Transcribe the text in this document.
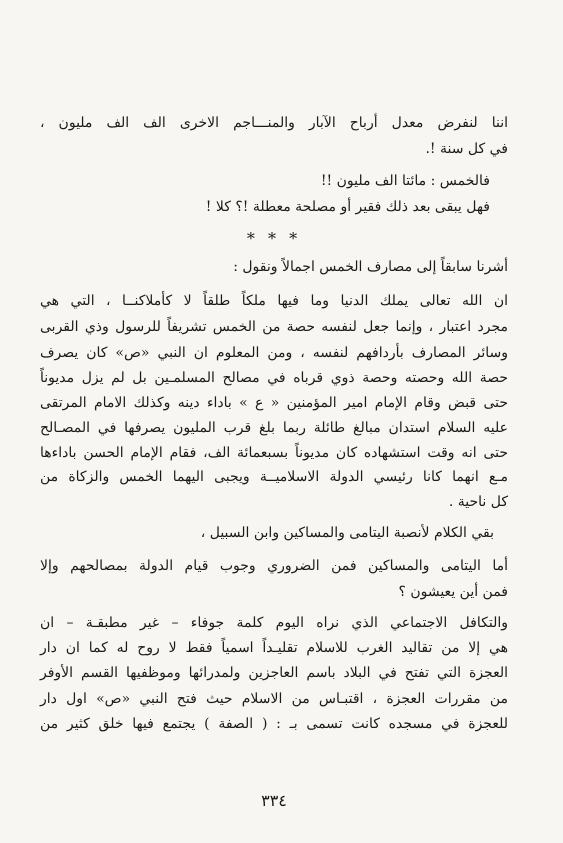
اننا لنفرض معدل أرباح الآبار والمنـــاجم الاخرى الف الف مليون ،
في كل سنة !.
فالخمس : مائتا الف مليون !!
فهل يبقى بعد ذلك فقير أو مصلحة معطلة !؟ كلا !
* * *
أشرنا سابقاً إلى مصارف الخمس اجمالاً ونقول :
ان الله تعالى يملك الدنيا وما فيها ملكاً طلقاً لا كأملاكنــا ، التي هي
مجرد اعتبار ، وإنما جعل لنفسه حصة من الخمس تشريفاً للرسول وذي القربى
وسائر المصارف بأردافهم لنفسه ، ومن المعلوم ان النبي «ص» كان يصرف
حصة الله وحصته وحصة ذوي قرباه في مصالح المسلمـين بل لم يزل مديوناً
حتى قبض وقام الإمام امير المؤمنين « ع » باداء دينه وكذلك الامام المرتقى
عليه السلام استدان مبالغ طائلة ربما بلغ قرب المليون يصرفها في المصـالح
حتى انه وقت استشهاده كان مديوناً بسبعمائة الف، فقام الإمام الحسن باداءها
مـع انهما كانا رئيسي الدولة الاسلاميــة ويجبى اليهما الخمس والزكاة من
كل ناحية .
بقي الكلام لأنصبة اليتامى والمساكين وابن السبيل ،
أما اليتامى والمساكين فمن الضروري وجوب قيام الدولة بمصالحهم وإلا
فمن أين يعيشون ؟
والتكافل الاجتماعي الذي نراه اليوم كلمة جوفاء – غير مطبقـة – ان
هي إلا من تقاليد الغرب للاسلام تقليـداً اسمياً فقط لا روح له كما ان دار
العجزة التي تفتح في البلاد باسم العاجزين ولمدرائها وموظفيها القسم الأوفر
من مقررات العجزة ، اقتبـاس من الاسلام حيث فتح النبي «ص» اول دار
للعجزة في مسجده كانت تسمى بـ : ( الصفة ) يجتمع فيها خلق كثير من
٣٣٤
